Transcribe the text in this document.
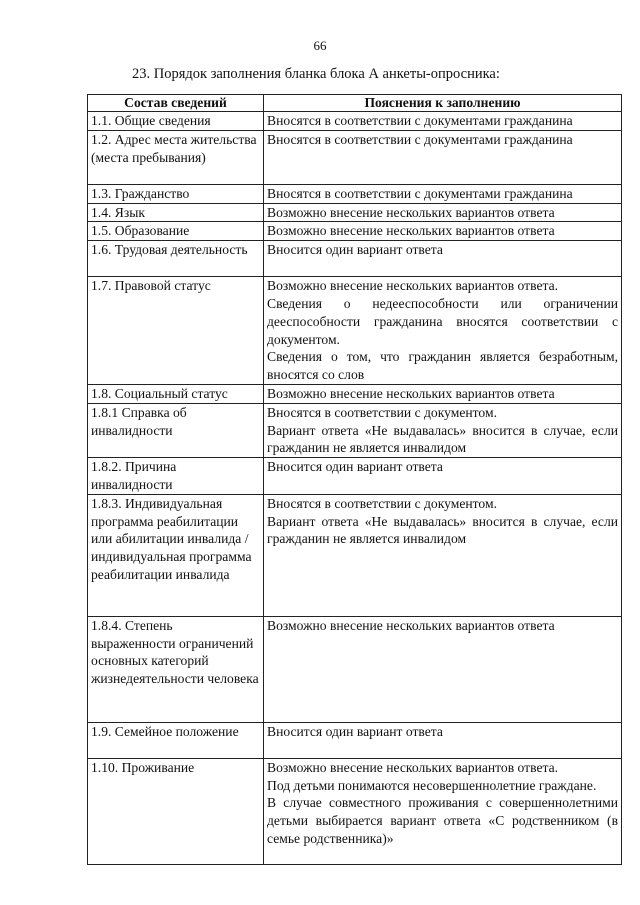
66
23. Порядок заполнения бланка блока А анкеты-опросника:
Состав сведений	Пояснения к заполнению
1.1. Общие сведения	Вносятся в соответствии с документами гражданина

1.2. Адрес места жительства (места пребывания)	Вносятся в соответствии с документами гражданина

1.3. Гражданство	Вносятся в соответствии с документами гражданина

1.4. Язык	Возможно внесение нескольких вариантов ответа

1.5. Образование	Возможно внесение нескольких вариантов ответа

1.6. Трудовая деятельность	Вносится один вариант ответа

1.7. Правовой статус	Возможно внесение нескольких вариантов ответа.

Сведения о недееспособности или ограничении дееспособности гражданина вносятся соответствии с документом.

Сведения о том, что гражданин является безработным, вносятся со слов

1.8. Социальный статус	Возможно внесение нескольких вариантов ответа

1.8.1 Справка об инвалидности	Вносятся в соответствии с документом.

Вариант ответа «Не выдавалась» вносится в случае, если гражданин не является инвалидом

1.8.2. Причина инвалидности	Вносится один вариант ответа

1.8.3. Индивидуальная программа реабилитации или абилитации инвалида / индивидуальная программа реабилитации инвалида	Вносятся в соответствии с документом.

Вариант ответа «Не выдавалась» вносится в случае, если гражданин не является инвалидом

1.8.4. Степень выраженности ограничений основных категорий жизнедеятельности человека	Возможно внесение нескольких вариантов ответа

1.9. Семейное положение	Вносится один вариант ответа

1.10. Проживание	Возможно внесение нескольких вариантов ответа.

Под детьми понимаются несовершеннолетние граждане.

В случае совместного проживания с совершеннолетними детьми выбирается вариант ответа «С родственником (в семье родственника)»
